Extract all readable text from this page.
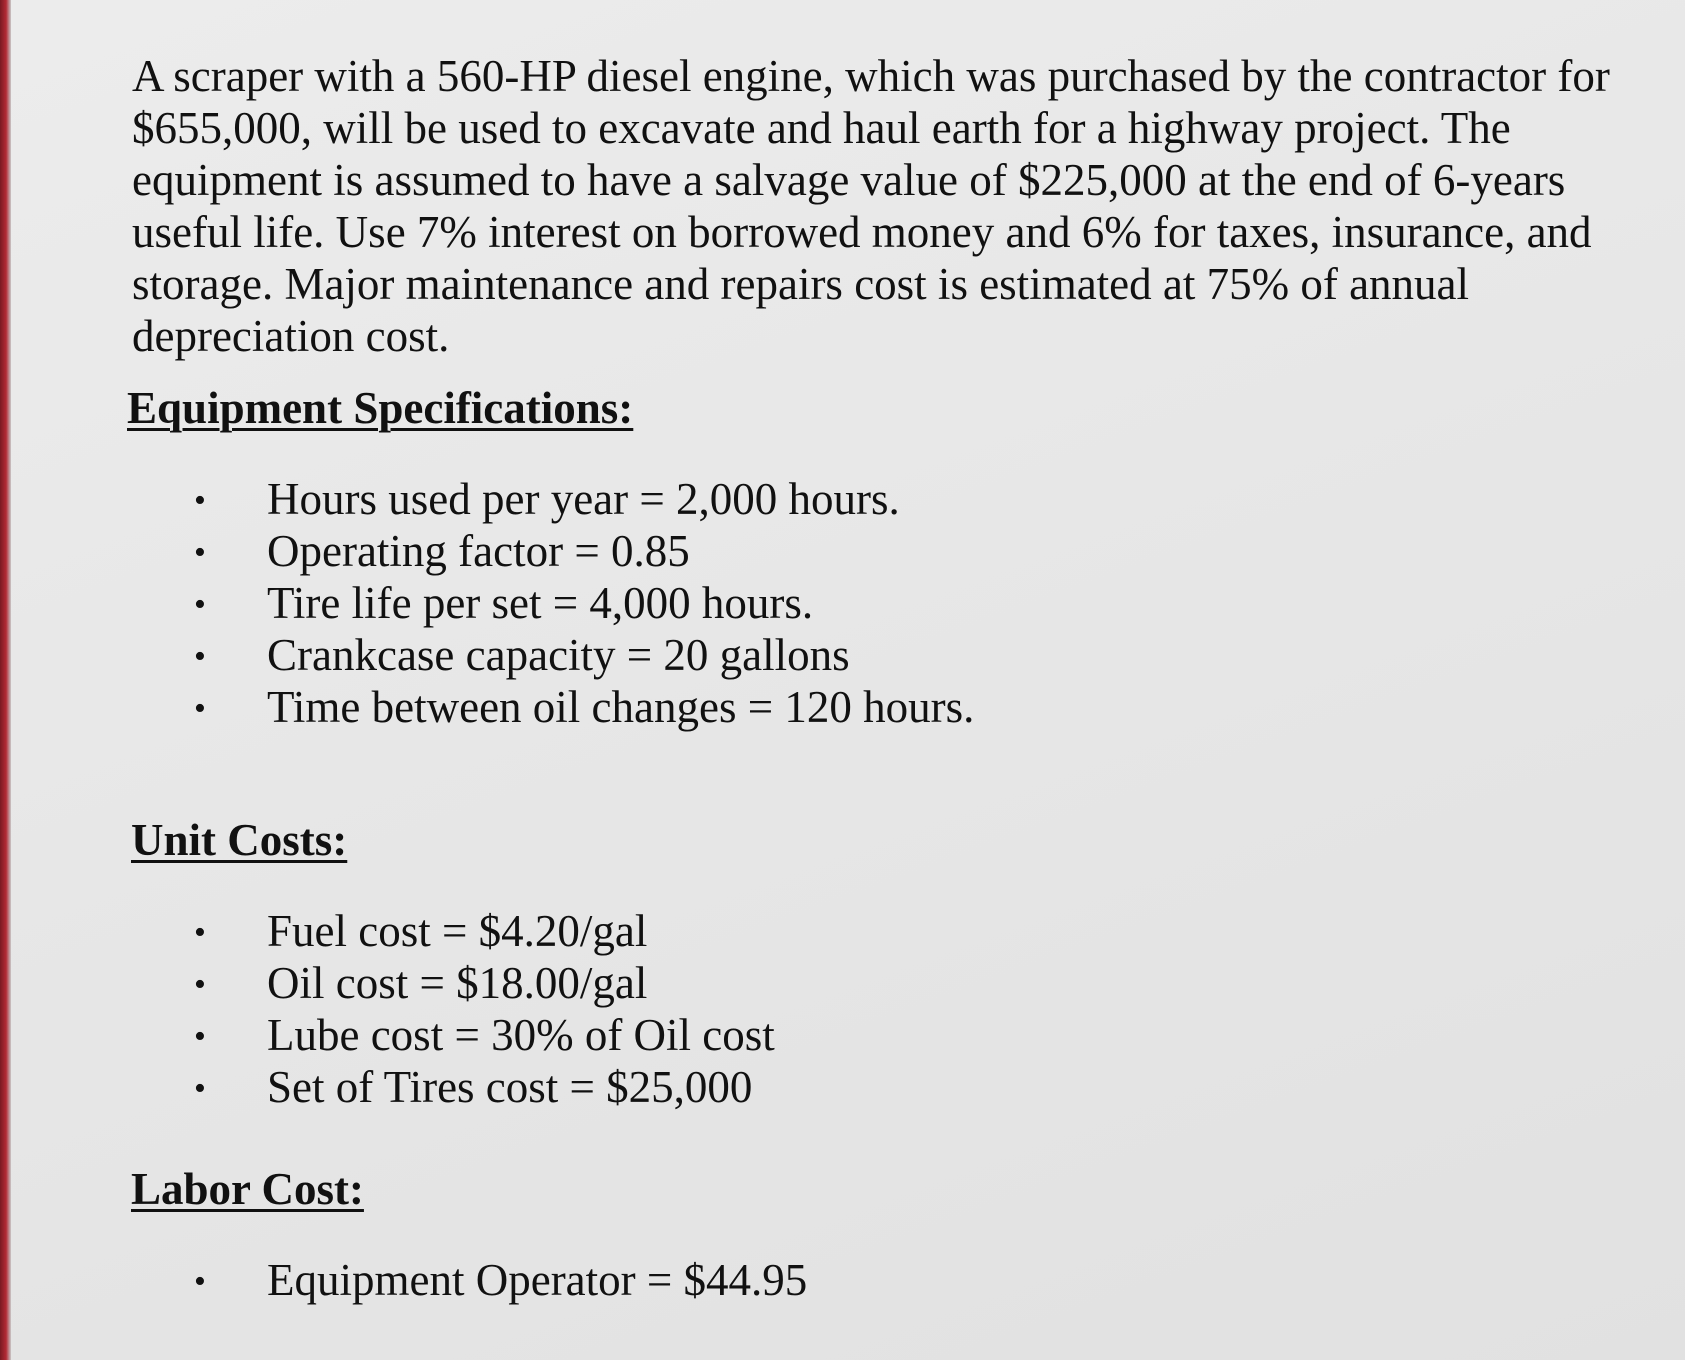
A scraper with a 560-HP diesel engine, which was purchased by the contractor for
$655,000, will be used to excavate and haul earth for a highway project. The
equipment is assumed to have a salvage value of $225,000 at the end of 6-years
useful life. Use 7% interest on borrowed money and 6% for taxes, insurance, and
storage. Major maintenance and repairs cost is estimated at 75% of annual
depreciation cost.

Equipment Specifications:
• Hours used per year = 2,000 hours.
• Operating factor = 0.85
• Tire life per set = 4,000 hours.
• Crankcase capacity = 20 gallons
• Time between oil changes = 120 hours.
Unit Costs:
• Fuel cost = $4.20/gal
• Oil cost = $18.00/gal
• Lube cost = 30% of Oil cost
• Set of Tires cost = $25,000
Labor Cost:
• Equipment Operator = $44.95
